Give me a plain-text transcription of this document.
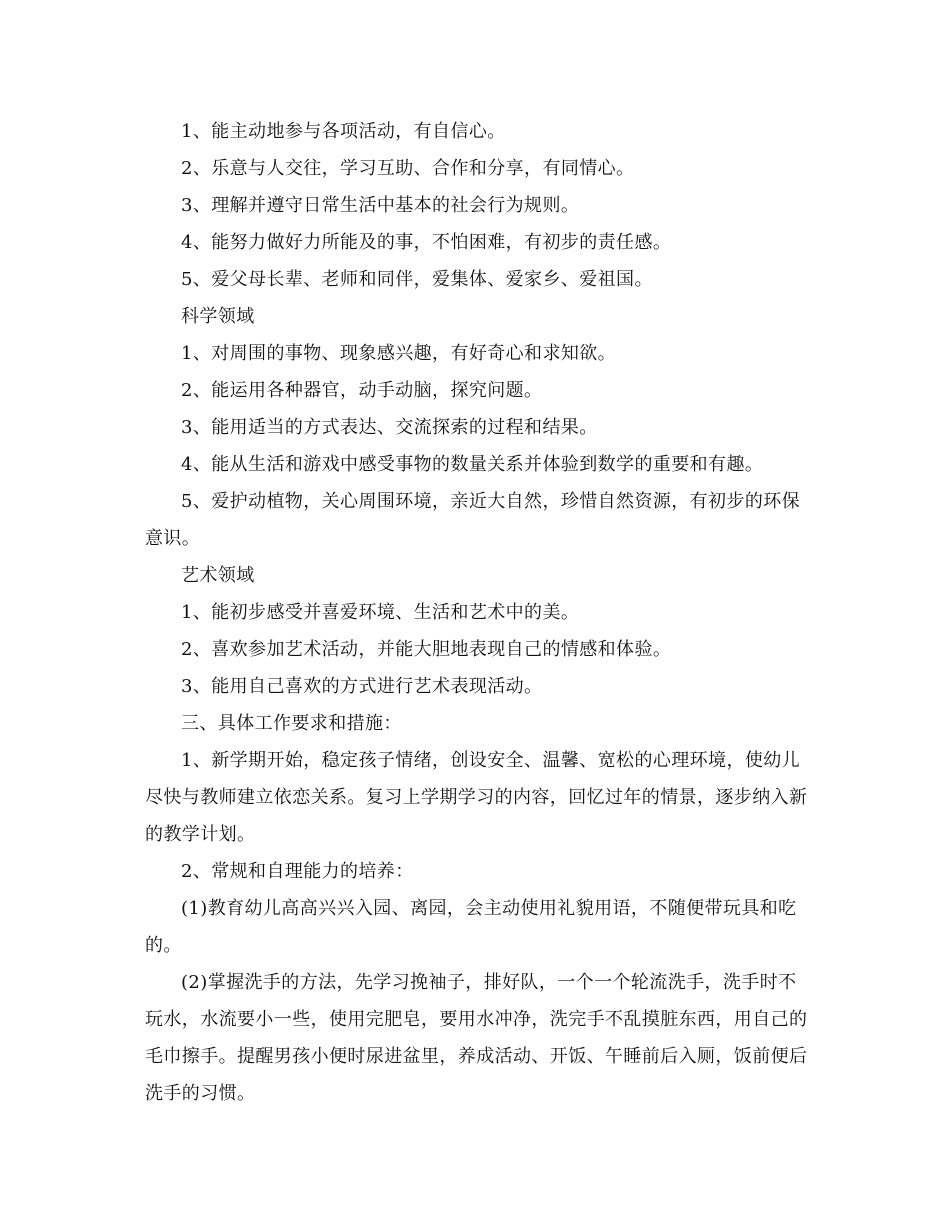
1、能主动地参与各项活动，有自信心。

2、乐意与人交往，学习互助、合作和分享，有同情心。

3、理解并遵守日常生活中基本的社会行为规则。

4、能努力做好力所能及的事，不怕困难，有初步的责任感。

5、爱父母长辈、老师和同伴，爱集体、爱家乡、爱祖国。

科学领域

1、对周围的事物、现象感兴趣，有好奇心和求知欲。

2、能运用各种器官，动手动脑，探究问题。

3、能用适当的方式表达、交流探索的过程和结果。

4、能从生活和游戏中感受事物的数量关系并体验到数学的重要和有趣。

5、爱护动植物，关心周围环境，亲近大自然，珍惜自然资源，有初步的环保意识。

艺术领域

1、能初步感受并喜爱环境、生活和艺术中的美。

2、喜欢参加艺术活动，并能大胆地表现自己的情感和体验。

3、能用自己喜欢的方式进行艺术表现活动。

三、具体工作要求和措施：

1、新学期开始，稳定孩子情绪，创设安全、温馨、宽松的心理环境，使幼儿尽快与教师建立依恋关系。复习上学期学习的内容，回忆过年的情景，逐步纳入新的教学计划。

2、常规和自理能力的培养：

(1)教育幼儿高高兴兴入园、离园，会主动使用礼貌用语，不随便带玩具和吃的。

(2)掌握洗手的方法，先学习挽袖子，排好队，一个一个轮流洗手，洗手时不玩水，水流要小一些，使用完肥皂，要用水冲净，洗完手不乱摸脏东西，用自己的毛巾擦手。提醒男孩小便时尿进盆里，养成活动、开饭、午睡前后入厕，饭前便后洗手的习惯。
